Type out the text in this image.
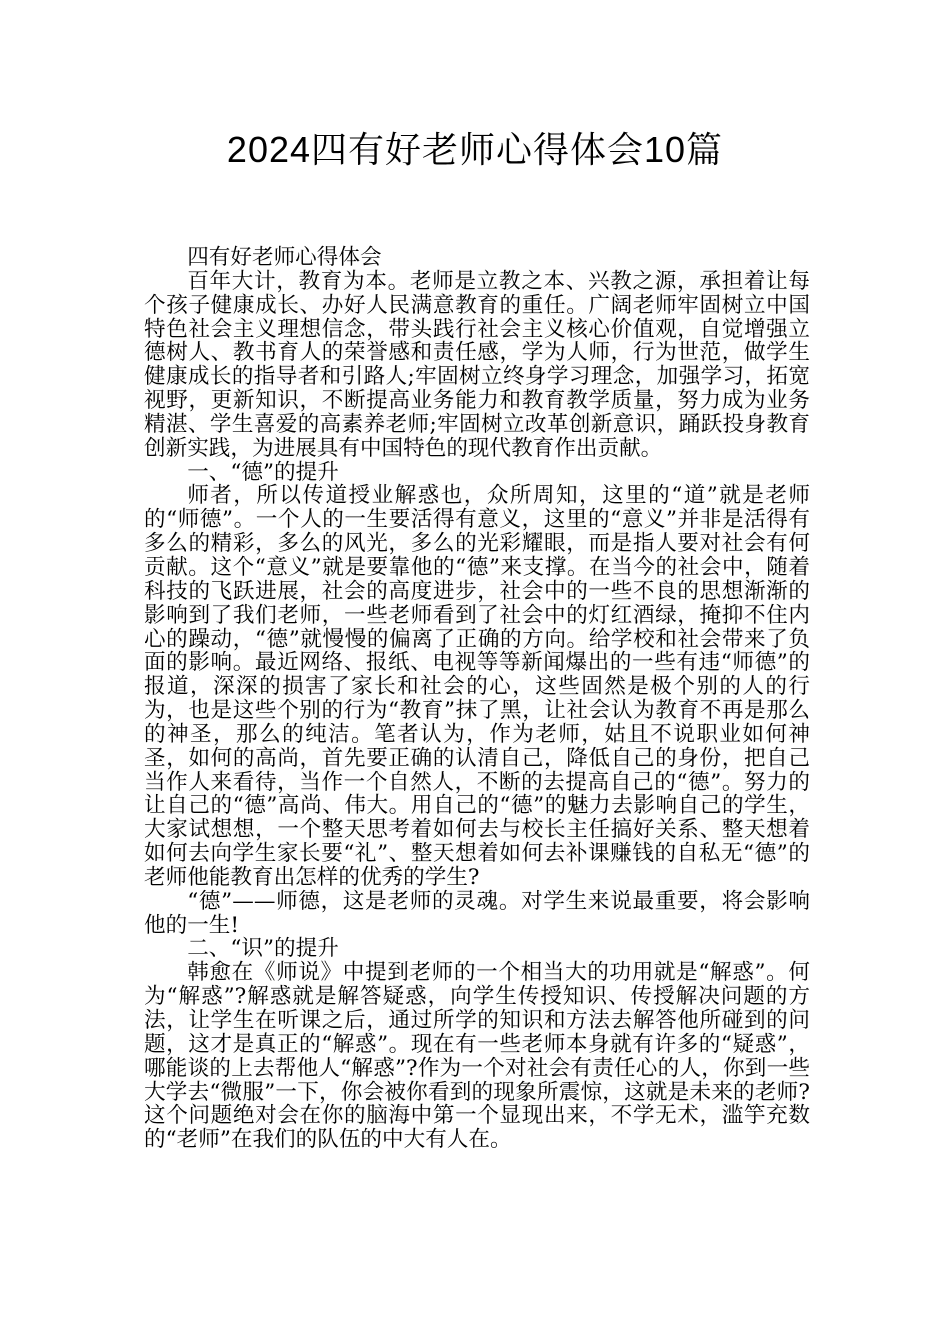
2024四有好老师心得体会10篇

四有好老师心得体会

百年大计，教育为本。老师是立教之本、兴教之源，承担着让每个孩子健康成长、办好人民满意教育的重任。广阔老师牢固树立中国特色社会主义理想信念，带头践行社会主义核心价值观，自觉增强立德树人、教书育人的荣誉感和责任感，学为人师，行为世范，做学生健康成长的指导者和引路人;牢固树立终身学习理念，加强学习，拓宽视野，更新知识，不断提高业务能力和教育教学质量，努力成为业务精湛、学生喜爱的高素养老师;牢固树立改革创新意识，踊跃投身教育创新实践，为进展具有中国特色的现代教育作出贡献。

一、“德”的提升

师者，所以传道授业解惑也，众所周知，这里的“道”就是老师的“师德”。一个人的一生要活得有意义，这里的“意义”并非是活得有多么的精彩，多么的风光，多么的光彩耀眼，而是指人要对社会有何贡献。这个“意义”就是要靠他的“德”来支撑。在当今的社会中，随着科技的飞跃进展，社会的高度进步，社会中的一些不良的思想渐渐的影响到了我们老师，一些老师看到了社会中的灯红酒绿，掩抑不住内心的躁动，“德”就慢慢的偏离了正确的方向。给学校和社会带来了负面的影响。最近网络、报纸、电视等等新闻爆出的一些有违“师德”的报道，深深的损害了家长和社会的心，这些固然是极个别的人的行为，也是这些个别的行为“教育”抹了黑，让社会认为教育不再是那么的神圣，那么的纯洁。笔者认为，作为老师，姑且不说职业如何神圣，如何的高尚，首先要正确的认清自己，降低自己的身份，把自己当作人来看待，当作一个自然人，不断的去提高自己的“德”。努力的让自己的“德”高尚、伟大。用自己的“德”的魅力去影响自己的学生，大家试想想，一个整天思考着如何去与校长主任搞好关系、整天想着如何去向学生家长要“礼”、整天想着如何去补课赚钱的自私无“德”的老师他能教育出怎样的优秀的学生?

“德”——师德，这是老师的灵魂。对学生来说最重要，将会影响他的一生!

二、“识”的提升

韩愈在《师说》中提到老师的一个相当大的功用就是“解惑”。何为“解惑”?解惑就是解答疑惑，向学生传授知识、传授解决问题的方法，让学生在听课之后，通过所学的知识和方法去解答他所碰到的问题，这才是真正的“解惑”。现在有一些老师本身就有许多的“疑惑”，哪能谈的上去帮他人“解惑”?作为一个对社会有责任心的人，你到一些大学去“微服”一下，你会被你看到的现象所震惊，这就是未来的老师?这个问题绝对会在你的脑海中第一个显现出来，不学无术，滥竽充数的“老师”在我们的队伍的中大有人在。
